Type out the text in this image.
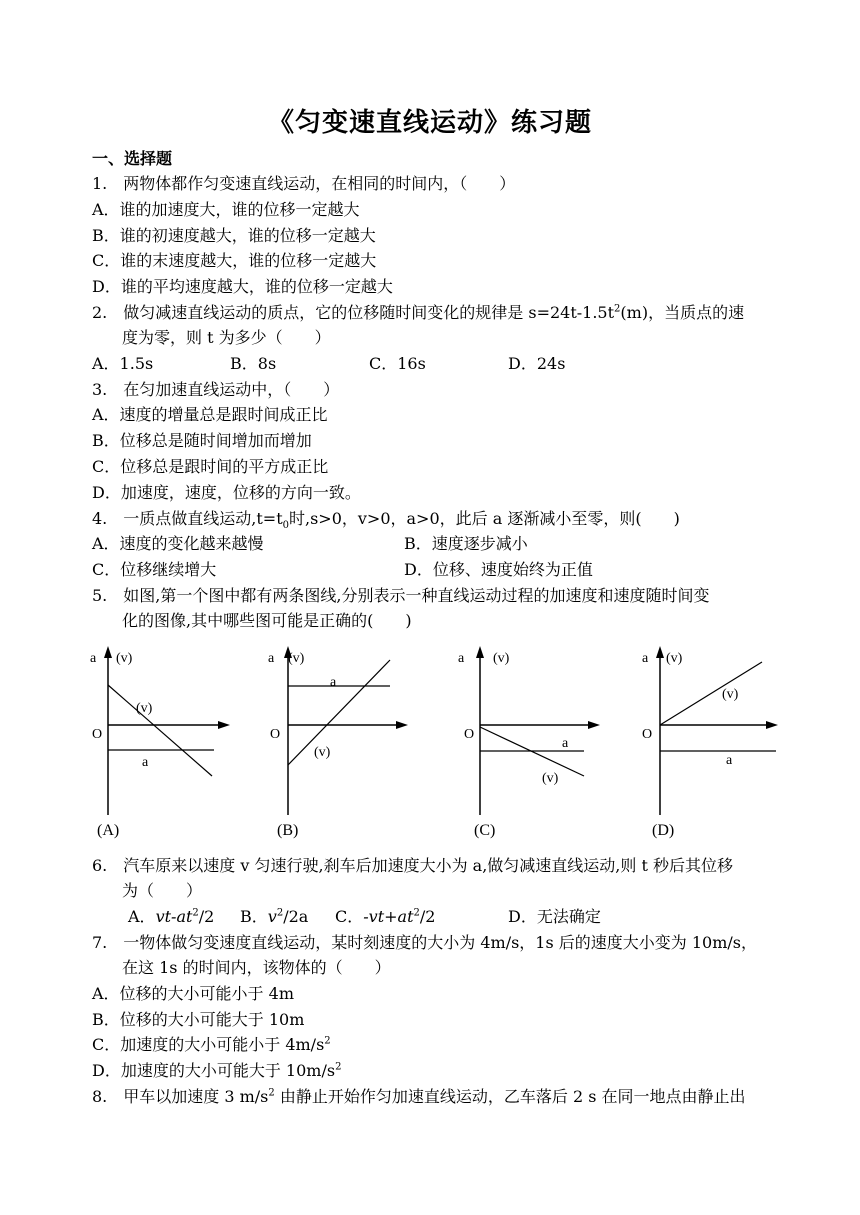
《匀变速直线运动》练习题
一、选择题
1.　两物体都作匀变速直线运动，在相同的时间内，（　　）
A．谁的加速度大，谁的位移一定越大
B．谁的初速度越大，谁的位移一定越大
C．谁的末速度越大，谁的位移一定越大
D．谁的平均速度越大，谁的位移一定越大
2.　做匀减速直线运动的质点，它的位移随时间变化的规律是 $s=24t-1.5t^2(m)$，当质点的速
度为零，则 t 为多少（　　）
A．1.5s	B．8s	C．16s	D．24s
3.　在匀加速直线运动中，（　　）
A．速度的增量总是跟时间成正比
B．位移总是随时间增加而增加
C．位移总是跟时间的平方成正比
D．加速度，速度，位移的方向一致。
4.　一质点做直线运动$,t=t_0$时,s>0，v>0，a>0，此后 a 逐渐减小至零，则(　　)
A．速度的变化越来越慢	B．速度逐步减小
C．位移继续增大	D．位移、速度始终为正值
5.　如图,第一个图中都有两条图线,分别表示一种直线运动过程的加速度和速度随时间变
化的图像,其中哪些图可能是正确的(　　)
a (v)
O
(v)
a
(A)
a (v)
O
a
(v)
(B)
a (v)
O
a
(v)
(C)
a (v)
O
(v)
a
(D)
6.　汽车原来以速度 v 匀速行驶,刹车后加速度大小为 a,做匀减速直线运动,则 t 秒后其位移
为（　　）
A．$vt-at^2/2$ B．$v^2/2a$ C．$-vt+at^2/2$	D．无法确定
7.　一物体做匀变速度直线运动，某时刻速度的大小为 4m/s，1s 后的速度大小变为 10m/s，
在这 1s 的时间内，该物体的（　　）
A．位移的大小可能小于 4m
B．位移的大小可能大于 10m
C．加速度的大小可能小于 $4m/s^2$
D．加速度的大小可能大于 $10m/s^2$
8.　甲车以加速度 3 $m/s^2$ 由静止开始作匀加速直线运动，乙车落后 2 s 在同一地点由静止出
